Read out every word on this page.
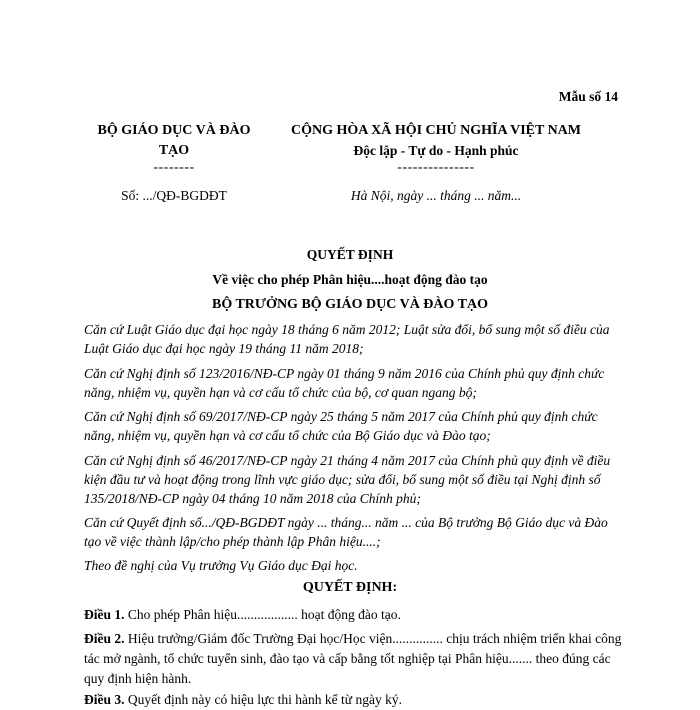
Mẫu số 14
BỘ GIÁO DỤC VÀ ĐÀO
TẠO
--------
CỘNG HÒA XÃ HỘI CHỦ NGHĨA VIỆT NAM
Độc lập - Tự do - Hạnh phúc
---------------
Số: .../QĐ-BGDĐT	Hà Nội, ngày ... tháng ... năm...
QUYẾT ĐỊNH
Về việc cho phép Phân hiệu....hoạt động đào tạo
BỘ TRƯỞNG BỘ GIÁO DỤC VÀ ĐÀO TẠO
Căn cứ Luật Giáo dục đại học ngày 18 tháng 6 năm 2012; Luật sửa đổi, bổ sung một số điều của Luật Giáo dục đại học ngày 19 tháng 11 năm 2018;
Căn cứ Nghị định số 123/2016/NĐ-CP ngày 01 tháng 9 năm 2016 của Chính phủ quy định chức năng, nhiệm vụ, quyền hạn và cơ cấu tổ chức của bộ, cơ quan ngang bộ;
Căn cứ Nghị định số 69/2017/NĐ-CP ngày 25 tháng 5 năm 2017 của Chính phủ quy định chức năng, nhiệm vụ, quyền hạn và cơ cấu tổ chức của Bộ Giáo dục và Đào tạo;
Căn cứ Nghị định số 46/2017/NĐ-CP ngày 21 tháng 4 năm 2017 của Chính phủ quy định về điều kiện đầu tư và hoạt động trong lĩnh vực giáo dục; sửa đổi, bổ sung một số điều tại Nghị định số 135/2018/NĐ-CP ngày 04 tháng 10 năm 2018 của Chính phủ;
Căn cứ Quyết định số.../QĐ-BGDĐT ngày ... tháng... năm ... của Bộ trưởng Bộ Giáo dục và Đào tạo về việc thành lập/cho phép thành lập Phân hiệu....;
Theo đề nghị của Vụ trưởng Vụ Giáo dục Đại học.
QUYẾT ĐỊNH:
Điều 1. Cho phép Phân hiệu.................. hoạt động đào tạo.
Điều 2. Hiệu trưởng/Giám đốc Trường Đại học/Học viện............... chịu trách nhiệm triển khai công tác mở ngành, tổ chức tuyển sinh, đào tạo và cấp bằng tốt nghiệp tại Phân hiệu....... theo đúng các quy định hiện hành.
Điều 3. Quyết định này có hiệu lực thi hành kể từ ngày ký.
